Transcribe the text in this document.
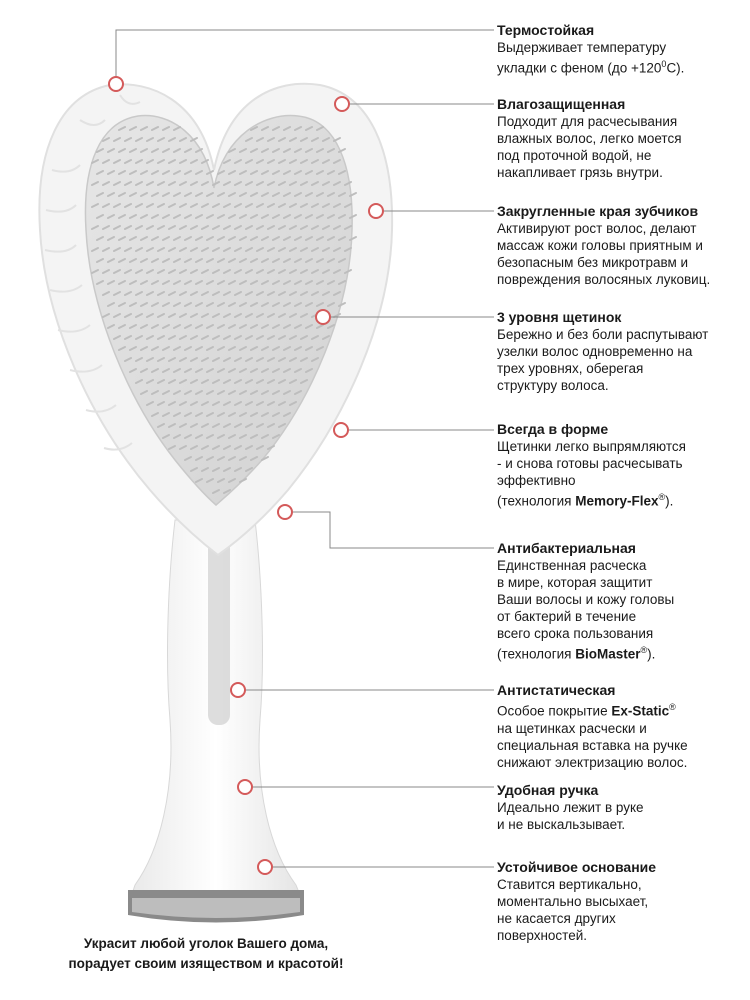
Термостойкая
Выдерживает температуру
укладки с феном $(до +120^0С)$.
Влагозащищенная
Подходит для расчесывания
влажных волос, легко моется
под проточной водой, не
накапливает грязь внутри.
Закругленные края зубчиков
Активируют рост волос, делают
массаж кожи головы приятным и
безопасным без микротравм и
повреждения волосяных луковиц.
3 уровня щетинок
Бережно и без боли распутывают
узелки волос одновременно на
трех уровнях, оберегая
структуру волоса.
Всегда в форме
Щетинки легко выпрямляются
- и снова готовы расчесывать
эффективно
(технология Memory-Flex®).
Антибактериальная
Единственная расческа
в мире, которая защитит
Ваши волосы и кожу головы
от бактерий в течение
всего срока пользования
(технология BioMaster®).
Антистатическая
Особое покрытие Ex-Static®
на щетинках расчески и
специальная вставка на ручке
снижают электризацию волос.
Удобная ручка
Идеально лежит в руке
и не выскальзывает.
Устойчивое основание
Ставится вертикально,
моментально высыхает,
не касается других
поверхностей.
Украсит любой уголок Вашего дома,
порадует своим изяществом и красотой!
